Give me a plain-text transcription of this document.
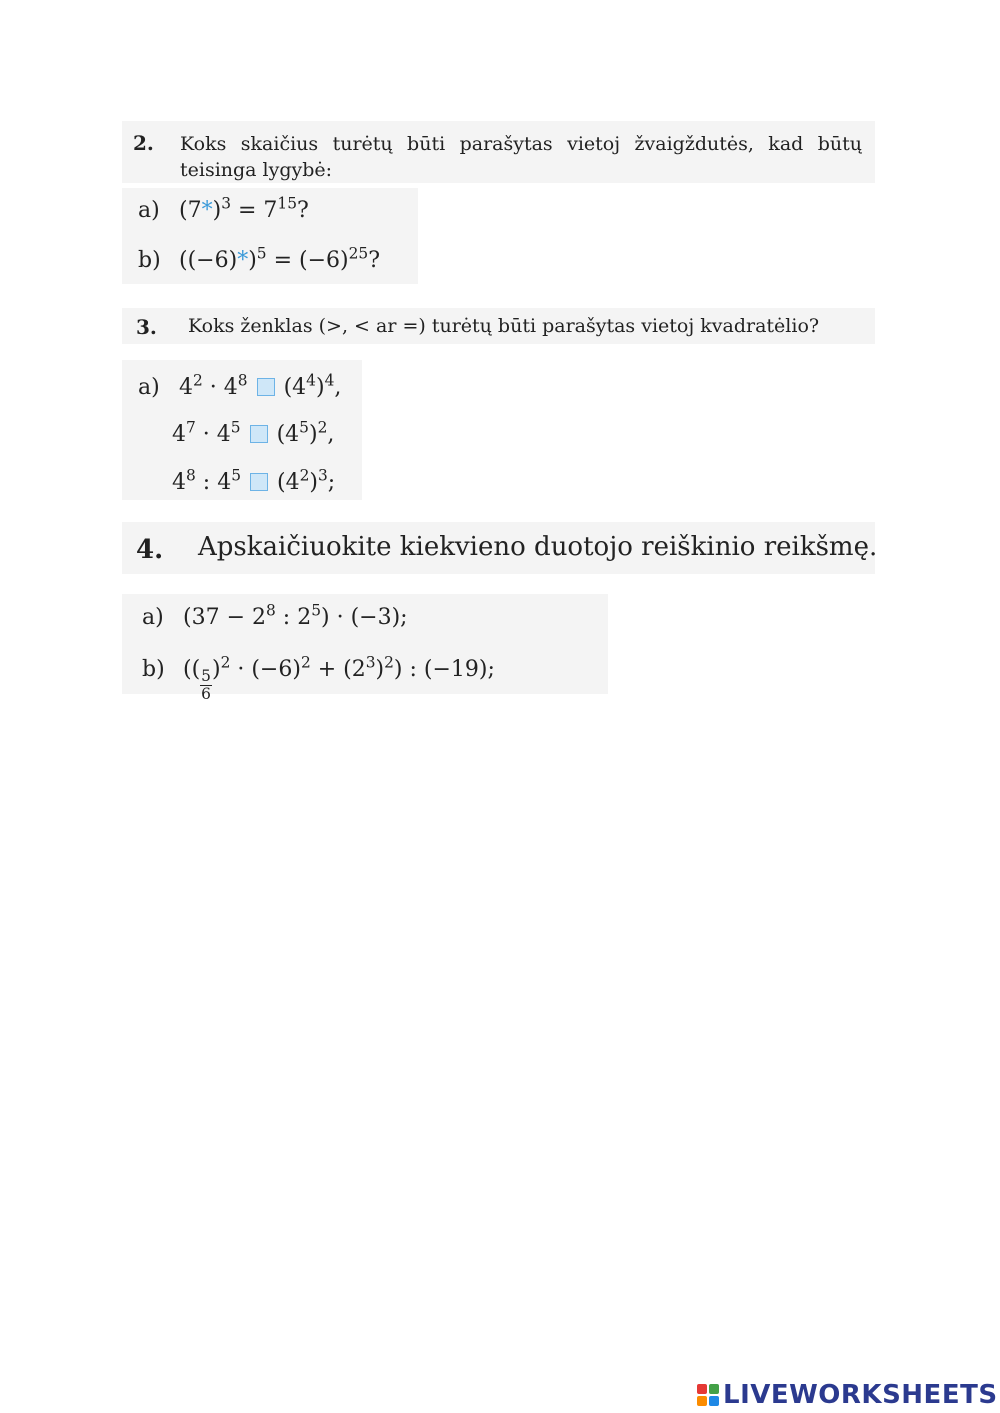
2. Koks skaičius turėtų būti parašytas vietoj žvaigždutės, kad būtų teisinga lygybė:
a) $(7*)^3 = 7^{15}$?
b) $((-6)*)^5 = (-6)^{25}$?
3. Koks ženklas (>, < ar =) turėtų būti parašytas vietoj kvadratėlio?
a) $4^2 \cdot 4^8$ $(4^4)^4$,
$4^7 \cdot 4^5$ $(4^5)^2$,
$4^8$ : $4^5$ $(4^2)^3$;
4. Apskaičiuokite kiekvieno duotojo reiškinio reikšmę.
a) ($37 - 2^8$ : $2^5) \cdot (-3)$;
b) (( $\frac{5}{6} )^2 \cdot (-6)^2 + (2^3)^2$) : (−19);
LIVEWORKSHEETS
